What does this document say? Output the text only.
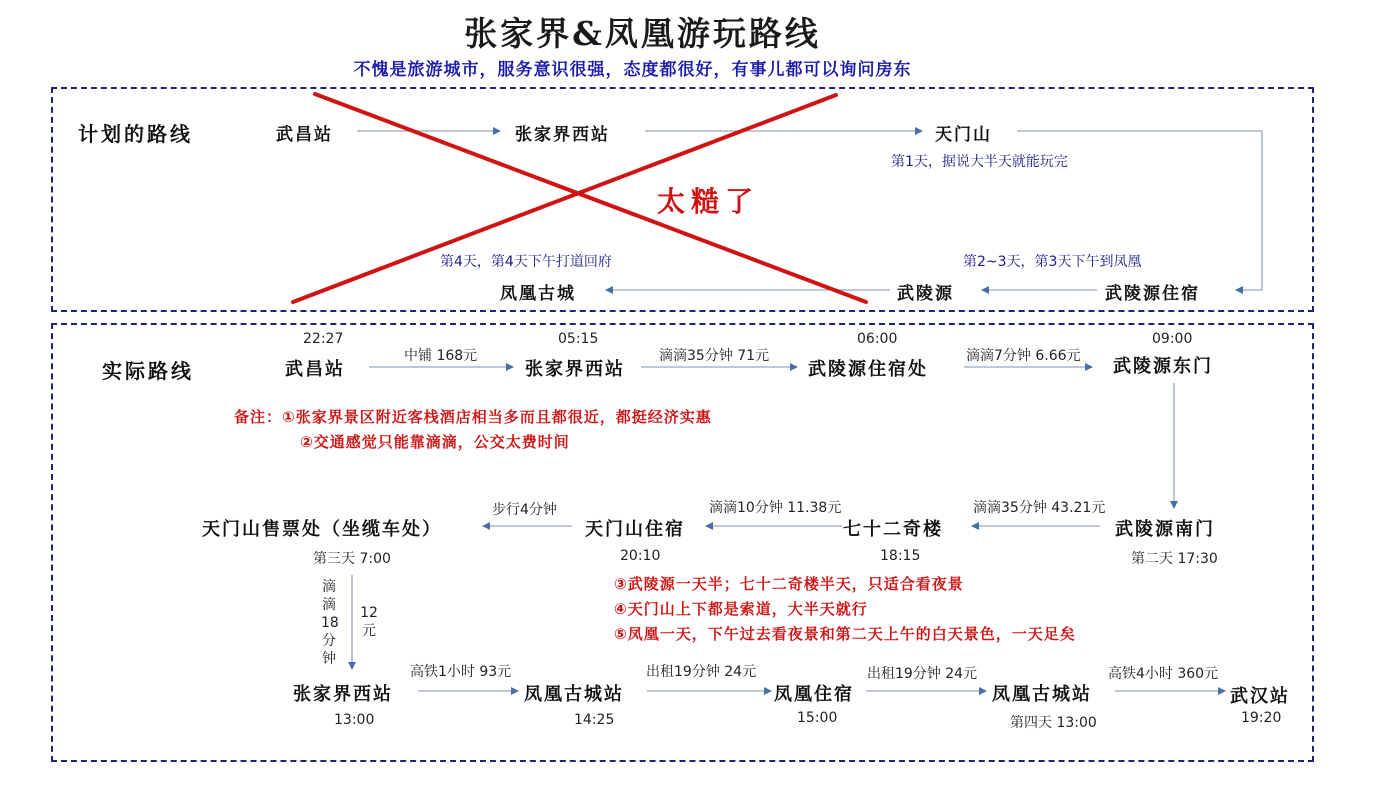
张家界&凤凰游玩路线
不愧是旅游城市，服务意识很强，态度都很好，有事儿都可以询问房东
计划的路线	武昌站	张家界西站	天门山
第1天，据说大半天就能玩完
太糙了
第2~3天，第3天下午到凤凰
第4天，第4天下午打道回府
武陵源住宿
武陵源
凤凰古城
实际路线
22:27
武昌站
中铺 168元
05:15
张家界西站
滴滴35分钟 71元
06:00
武陵源住宿处
滴滴7分钟 6.66元
09:00
武陵源东门
备注：①张家界景区附近客栈酒店相当多而且都很近，都挺经济实惠
②交通感觉只能靠滴滴，公交太费时间
滴滴35分钟 43.21元
武陵源南门
第二天 17:30
滴滴10分钟 11.38元
七十二奇楼
18:15
步行4分钟
天门山住宿
20:10
天门山售票处（坐缆车处）
第三天 7:00
滴滴18分钟
12元
③武陵源一天半；七十二奇楼半天，只适合看夜景
④天门山上下都是索道，大半天就行
⑤凤凰一天，下午过去看夜景和第二天上午的白天景色，一天足矣
张家界西站
13:00
高铁1小时 93元
凤凰古城站
14:25
出租19分钟 24元
凤凰住宿
15:00
出租19分钟 24元
凤凰古城站
第四天 13:00
高铁4小时 360元
武汉站
19:20
